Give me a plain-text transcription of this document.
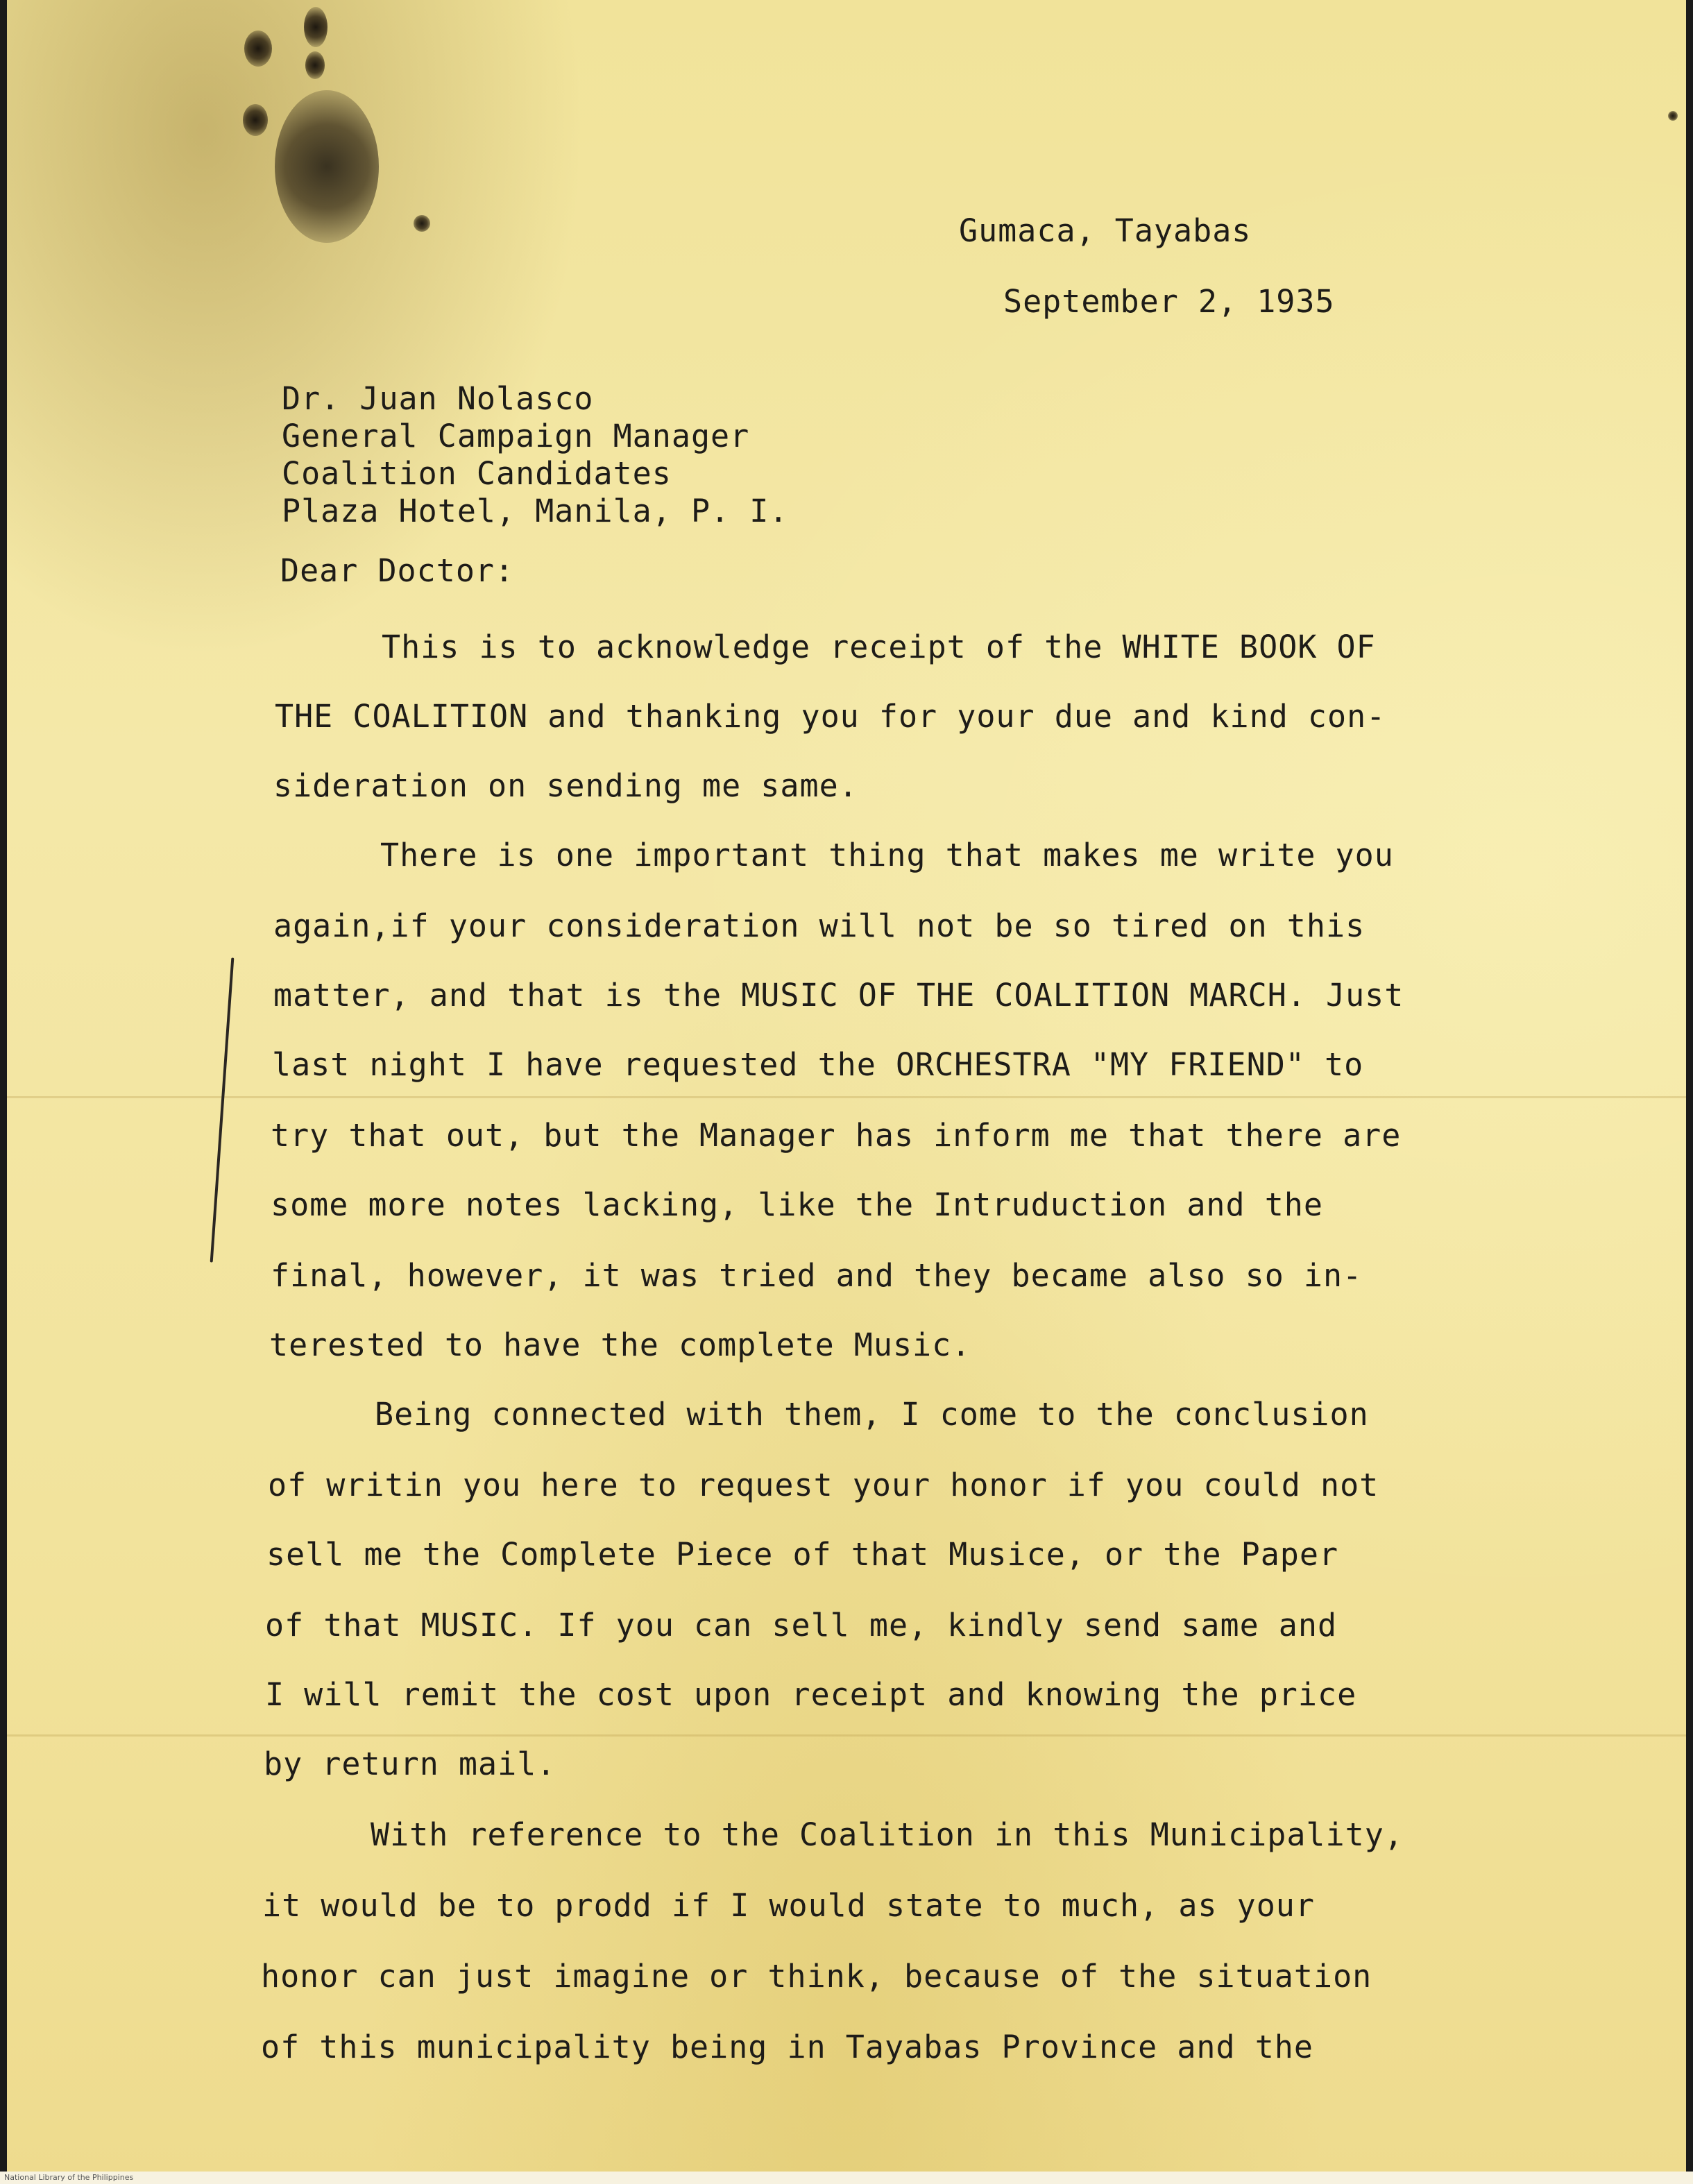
Gumaca, Tayabas
September 2, 1935
Dr. Juan Nolasco
General Campaign Manager
Coalition Candidates
Plaza Hotel, Manila, P. I.
Dear Doctor:
This is to acknowledge receipt of the WHITE BOOK OF
THE COALITION and thanking you for your due and kind con-
sideration on sending me same.
There is one important thing that makes me write you
again,if your consideration will not be so tired on this
matter, and that is the MUSIC OF THE COALITION MARCH. Just
last night I have requested the ORCHESTRA "MY FRIEND" to
try that out, but the Manager has inform me that there are
some more notes lacking, like the Intruduction and the
final, however, it was tried and they became also so in-
terested to have the complete Music.
Being connected with them, I come to the conclusion
of writin you here to request your honor if you could not
sell me the Complete Piece of that Musice, or the Paper
of that MUSIC. If you can sell me, kindly send same and
I will remit the cost upon receipt and knowing the price
by return mail.
With reference to the Coalition in this Municipality,
it would be to prodd if I would state to much, as your
honor can just imagine or think, because of the situation
of this municipality being in Tayabas Province and the
National Library of the Philippines
